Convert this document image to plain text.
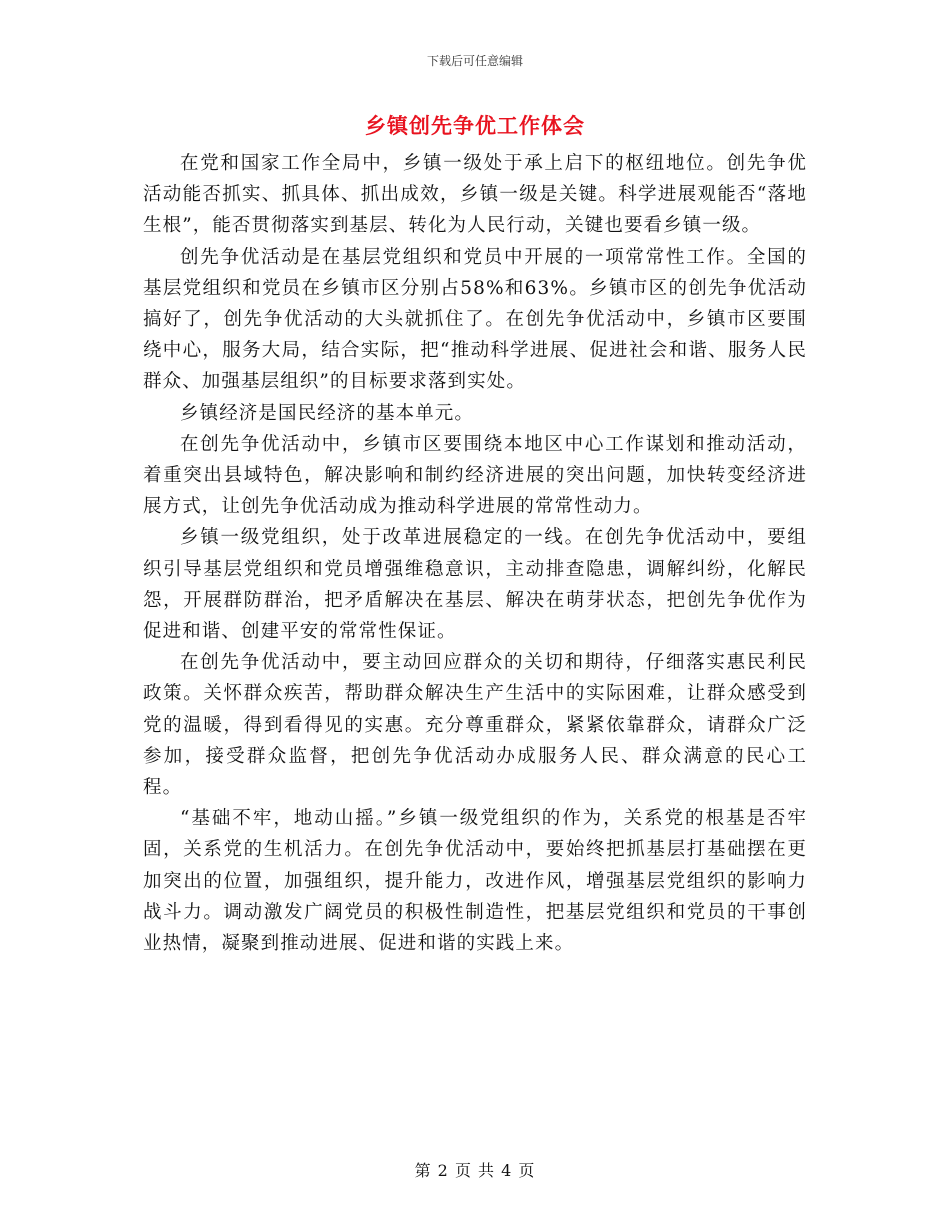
下载后可任意编辑
乡镇创先争优工作体会

在党和国家工作全局中，乡镇一级处于承上启下的枢纽地位。创先争优活动能否抓实、抓具体、抓出成效，乡镇一级是关键。科学进展观能否“落地生根”，能否贯彻落实到基层、转化为人民行动，关键也要看乡镇一级。

创先争优活动是在基层党组织和党员中开展的一项常常性工作。全国的基层党组织和党员在乡镇市区分别占58%和63%。乡镇市区的创先争优活动搞好了，创先争优活动的大头就抓住了。在创先争优活动中，乡镇市区要围绕中心，服务大局，结合实际，把“推动科学进展、促进社会和谐、服务人民群众、加强基层组织”的目标要求落到实处。

乡镇经济是国民经济的基本单元。

在创先争优活动中，乡镇市区要围绕本地区中心工作谋划和推动活动，着重突出县域特色，解决影响和制约经济进展的突出问题，加快转变经济进展方式，让创先争优活动成为推动科学进展的常常性动力。

乡镇一级党组织，处于改革进展稳定的一线。在创先争优活动中，要组织引导基层党组织和党员增强维稳意识，主动排查隐患，调解纠纷，化解民怨，开展群防群治，把矛盾解决在基层、解决在萌芽状态，把创先争优作为促进和谐、创建平安的常常性保证。

在创先争优活动中，要主动回应群众的关切和期待，仔细落实惠民利民政策。关怀群众疾苦，帮助群众解决生产生活中的实际困难，让群众感受到党的温暖，得到看得见的实惠。充分尊重群众，紧紧依靠群众，请群众广泛参加，接受群众监督，把创先争优活动办成服务人民、群众满意的民心工程。

“基础不牢，地动山摇。”乡镇一级党组织的作为，关系党的根基是否牢固，关系党的生机活力。在创先争优活动中，要始终把抓基层打基础摆在更加突出的位置，加强组织，提升能力，改进作风，增强基层党组织的影响力战斗力。调动激发广阔党员的积极性制造性，把基层党组织和党员的干事创业热情，凝聚到推动进展、促进和谐的实践上来。

第 2 页 共 4 页
